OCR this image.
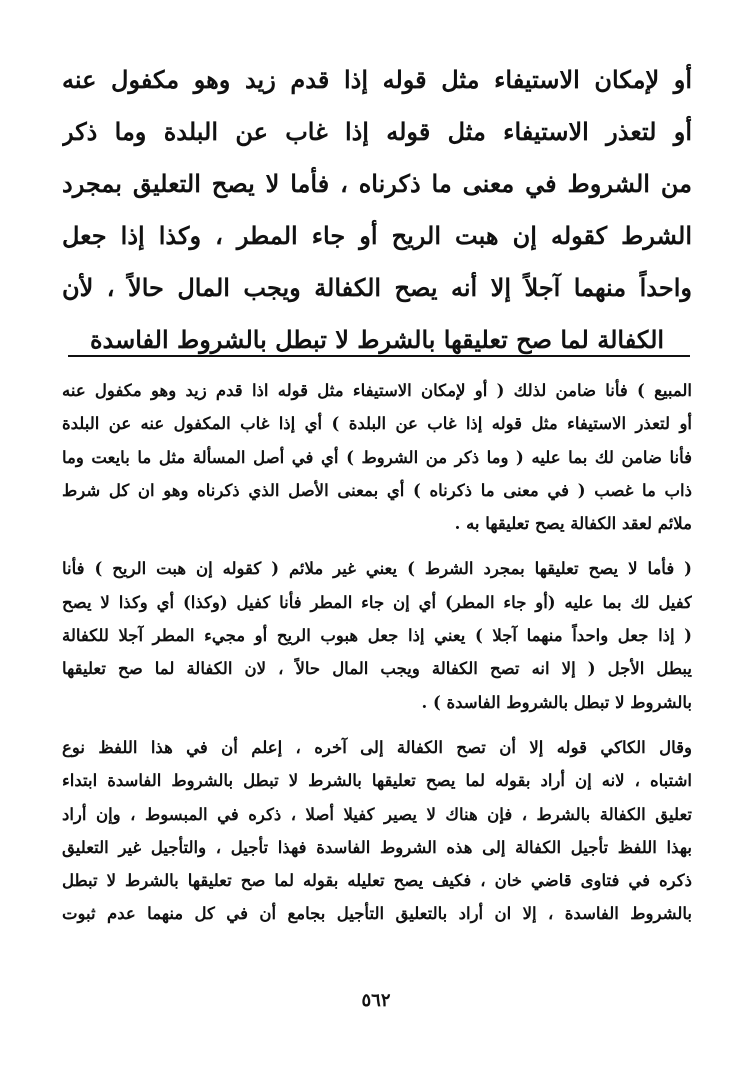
أو لإمكان الاستيفاء مثل قوله إذا قدم زيد وهو مكفول عنه
أو لتعذر الاستيفاء مثل قوله إذا غاب عن البلدة وما ذكر
من الشروط في معنى ما ذكرناه ، فأما لا يصح التعليق بمجرد
الشرط كقوله إن هبت الريح أو جاء المطر ، وكذا إذا جعل
واحداً منهما آجلاً إلا أنه يصح الكفالة ويجب المال حالاً ، لأن
الكفالة لما صح تعليقها بالشرط لا تبطل بالشروط الفاسدة
المبيع ) فأنا ضامن لذلك ( أو لإمكان الاستيفاء مثل قوله اذا قدم زيد وهو مكفول عنه
أو لتعذر الاستيفاء مثل قوله إذا غاب عن البلدة ) أي إذا غاب المكفول عنه عن البلدة
فأنا ضامن لك بما عليه ( وما ذكر من الشروط ) أي في أصل المسألة مثل ما بايعت وما
ذاب ما غصب ( في معنى ما ذكرناه ) أي بمعنى الأصل الذي ذكرناه وهو ان كل شرط
ملائم لعقد الكفالة يصح تعليقها به .
( فأما لا يصح تعليقها بمجرد الشرط ) يعني غير ملائم ( كقوله إن هبت الريح ) فأنا
كفيل لك بما عليه (أو جاء المطر) أي إن جاء المطر فأنا كفيل (وكذا) أي وكذا لا يصح
( إذا جعل واحداً منهما آجلا ) يعني إذا جعل هبوب الريح أو مجيء المطر آجلا للكفالة
يبطل الأجل ( إلا انه تصح الكفالة ويجب المال حالاً ، لان الكفالة لما صح تعليقها
بالشروط لا تبطل بالشروط الفاسدة ) .
وقال الكاكي قوله إلا أن تصح الكفالة إلى آخره ، إعلم أن في هذا اللفظ نوع
اشتباه ، لانه إن أراد بقوله لما يصح تعليقها بالشرط لا تبطل بالشروط الفاسدة ابتداء
تعليق الكفالة بالشرط ، فإن هناك لا يصير كفيلا أصلا ، ذكره في المبسوط ، وإن أراد
بهذا اللفظ تأجيل الكفالة إلى هذه الشروط الفاسدة فهذا تأجيل ، والتأجيل غير التعليق
ذكره في فتاوى قاضي خان ، فكيف يصح تعليله بقوله لما صح تعليقها بالشرط لا تبطل
بالشروط الفاسدة ، إلا ان أراد بالتعليق التأجيل بجامع أن في كل منهما عدم ثبوت
٥٦٢
